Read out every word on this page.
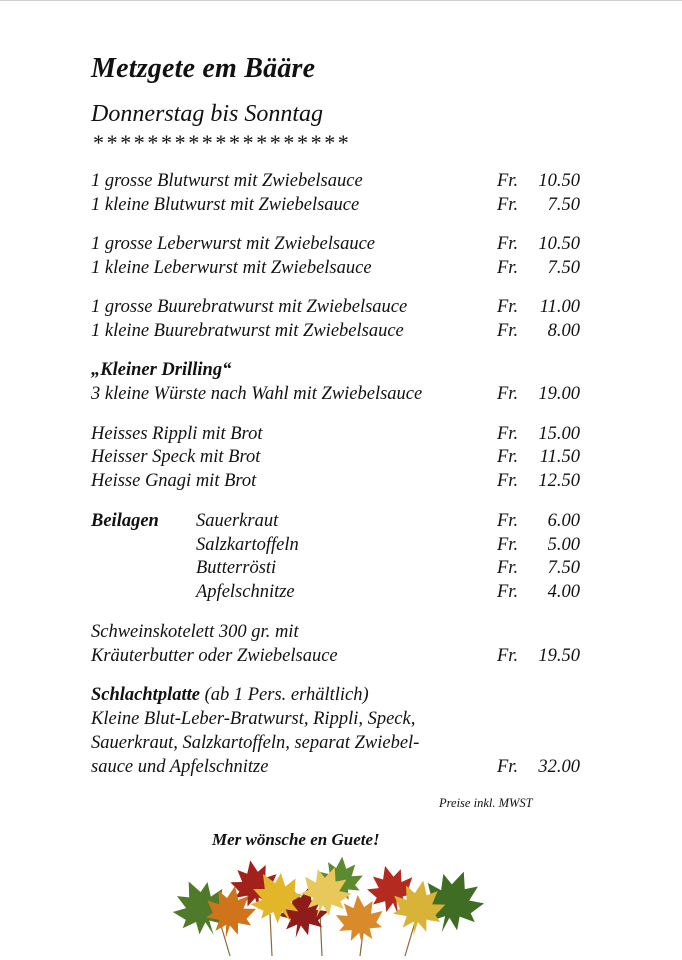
Metzgete em Bääre
Donnerstag bis Sonntag
*******************
1 grosse Blutwurst mit Zwiebelsauce	Fr. 10.50
1 kleine Blutwurst mit Zwiebelsauce	Fr. 7.50
1 grosse Leberwurst mit Zwiebelsauce	Fr. 10.50
1 kleine Leberwurst mit Zwiebelsauce	Fr. 7.50
1 grosse Buurebratwurst mit Zwiebelsauce	Fr. 11.00
1 kleine Buurebratwurst mit Zwiebelsauce	Fr. 8.00
„Kleiner Drilling“
3 kleine Würste nach Wahl mit Zwiebelsauce	Fr. 19.00
Heisses Rippli mit Brot	Fr. 15.00
Heisser Speck mit Brot	Fr. 11.50
Heisse Gnagi mit Brot	Fr. 12.50
Beilagen Sauerkraut	Fr. 6.00
Salzkartoffeln	Fr. 5.00
Butterrösti	Fr. 7.50
Apfelschnitze	Fr. 4.00
Schweinskotelett 300 gr. mit
Kräuterbutter oder Zwiebelsauce	Fr. 19.50
Schlachtplatte (ab 1 Pers. erhältlich)
Kleine Blut-Leber-Bratwurst, Rippli, Speck,
Sauerkraut, Salzkartoffeln, separat Zwiebel-
sauce und Apfelschnitze	Fr. 32.00
Preise inkl. MWST
Mer wönsche en Guete!
